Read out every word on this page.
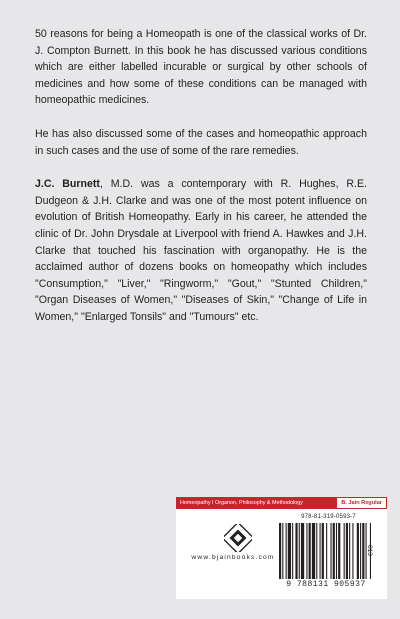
50 reasons for being a Homeopath is one of the classical works of Dr. J. Compton Burnett. In this book he has discussed various conditions which are either labelled incurable or surgical by other schools of medicines and how some of these conditions can be managed with homeopathic medicines.

He has also discussed some of the cases and homeopathic approach in such cases and the use of some of the rare remedies.

J.C. Burnett, M.D. was a contemporary with R. Hughes, R.E. Dudgeon & J.H. Clarke and was one of the most potent influence on evolution of British Homeopathy. Early in his career, he attended the clinic of Dr. John Drysdale at Liverpool with friend A. Hawkes and J.H. Clarke that touched his fascination with organopathy. He is the acclaimed author of dozens books on homeopathy which includes "Consumption," "Liver," "Ringworm," "Gout," "Stunted Children," "Organ Diseases of Women," "Diseases of Skin," "Change of Life in Women," "Enlarged Tonsils" and "Tumours" etc.

Homeopathy I Organon, Philosophy & Methodology	B. Jain Regular
978-81-319-0593-7
www.bjainbooks.com
9 788131 905937
013
